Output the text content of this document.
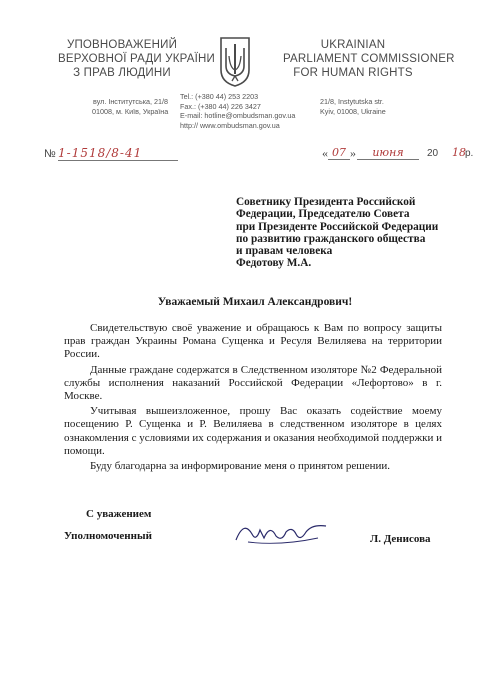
УПОВНОВАЖЕНИЙ
ВЕРХОВНОЇ РАДИ УКРАЇНИ
З ПРАВ ЛЮДИНИ
UKRAINIAN
PARLIAMENT COMMISSIONER
FOR HUMAN RIGHTS
вул. Інститутська, 21/8
01008, м. Київ, Україна
Tel.: (+380 44) 253 2203
Fax.: (+380 44) 226 3427
E-mail: hotline@ombudsman.gov.ua
http:// www.ombudsman.gov.ua
21/8, Instytutska str.
Kyiv, 01008, Ukraine
№ 1-1518/8-41	« 07 »	июня	20 18 р.
Советнику Президента Российской
Федерации, Председателю Совета
при Президенте Российской Федерации
по развитию гражданского общества
и правам человека
Федотову М.А.
Уважаемый Михаил Александрович!

Свидетельствую своё уважение и обращаюсь к Вам по вопросу защиты прав граждан Украины Романа Сущенка и Ресуля Велиляева на территории России.

Данные граждане содержатся в Следственном изоляторе №2 Федеральной службы исполнения наказаний Российской Федерации «Лефортово» в г. Москве.

Учитывая вышеизложенное, прошу Вас оказать содействие моему посещению Р. Сущенка и Р. Велиляева в следственном изоляторе в целях ознакомления с условиями их содержания и оказания необходимой поддержки и помощи.

Буду благодарна за информирование меня о принятом решении.

С уважением
Уполномоченный	Л. Денисова
